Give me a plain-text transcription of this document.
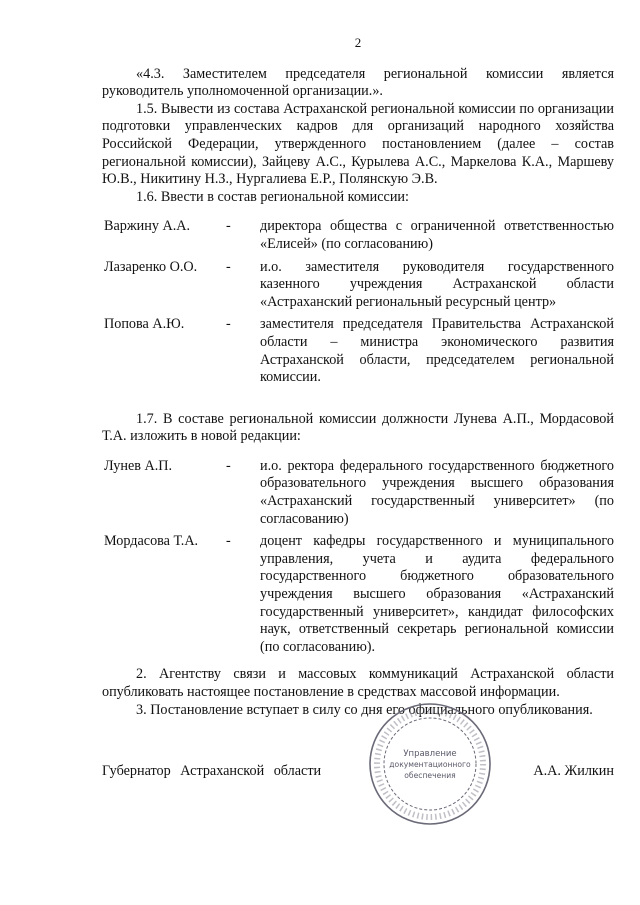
2

«4.3. Заместителем председателя региональной комиссии является руководитель уполномоченной организации.».

1.5. Вывести из состава Астраханской региональной комиссии по организации подготовки управленческих кадров для организаций народного хозяйства Российской Федерации, утвержденного постановлением (далее – состав региональной комиссии), Зайцеву А.С., Курылева А.С., Маркелова К.А., Маршеву Ю.В., Никитину Н.З., Нургалиева Е.Р., Полянскую Э.В.

1.6. Ввести в состав региональной комиссии:

Варжину А.А.	-	директора общества с ограниченной ответственностью «Елисей» (по согласованию)
Лазаренко О.О.	-	и.о. заместителя руководителя государственного казенного учреждения Астраханской области «Астраханский региональный ресурсный центр»
Попова А.Ю.	-	заместителя председателя Правительства Астраханской области – министра экономического развития Астраханской области, председателем региональной комиссии.

1.7. В составе региональной комиссии должности Лунева А.П., Мордасовой Т.А. изложить в новой редакции:

Лунев А.П.	-	и.о. ректора федерального государственного бюджетного образовательного учреждения высшего образования «Астраханский государственный университет» (по согласованию)
Мордасова Т.А.	-	доцент кафедры государственного и муниципального управления, учета и аудита федерального государственного бюджетного образовательного учреждения высшего образования «Астраханский государственный университет», кандидат философских наук, ответственный секретарь региональной комиссии (по согласованию).

2. Агентству связи и массовых коммуникаций Астраханской области опубликовать настоящее постановление в средствах массовой информации.

3. Постановление вступает в силу со дня его официального опубликования.

Управление
документационного
обеспечения
Губернатор Астраханской области	А.А. Жилкин
